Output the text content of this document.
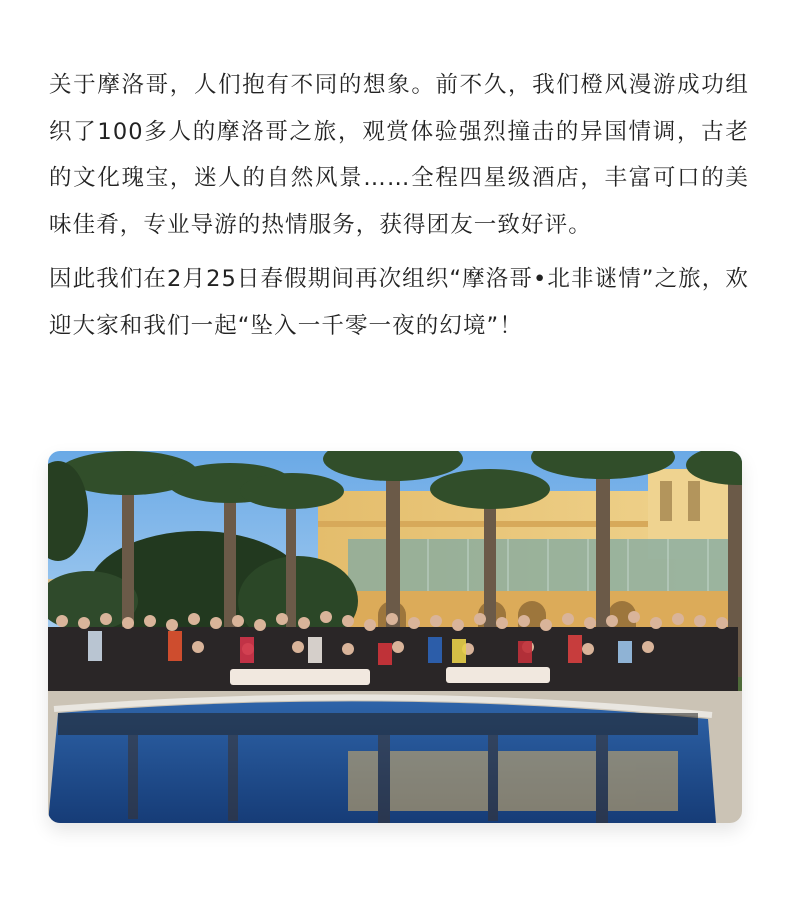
关于摩洛哥，人们抱有不同的想象。前不久，我们橙风漫游成功组织了100多人的摩洛哥之旅，观赏体验强烈撞击的异国情调，古老的文化瑰宝，迷人的自然风景……全程四星级酒店，丰富可口的美味佳肴，专业导游的热情服务，获得团友一致好评。

因此我们在2月25日春假期间再次组织“摩洛哥•北非谜情”之旅，欢迎大家和我们一起“坠入一千零一夜的幻境”！
